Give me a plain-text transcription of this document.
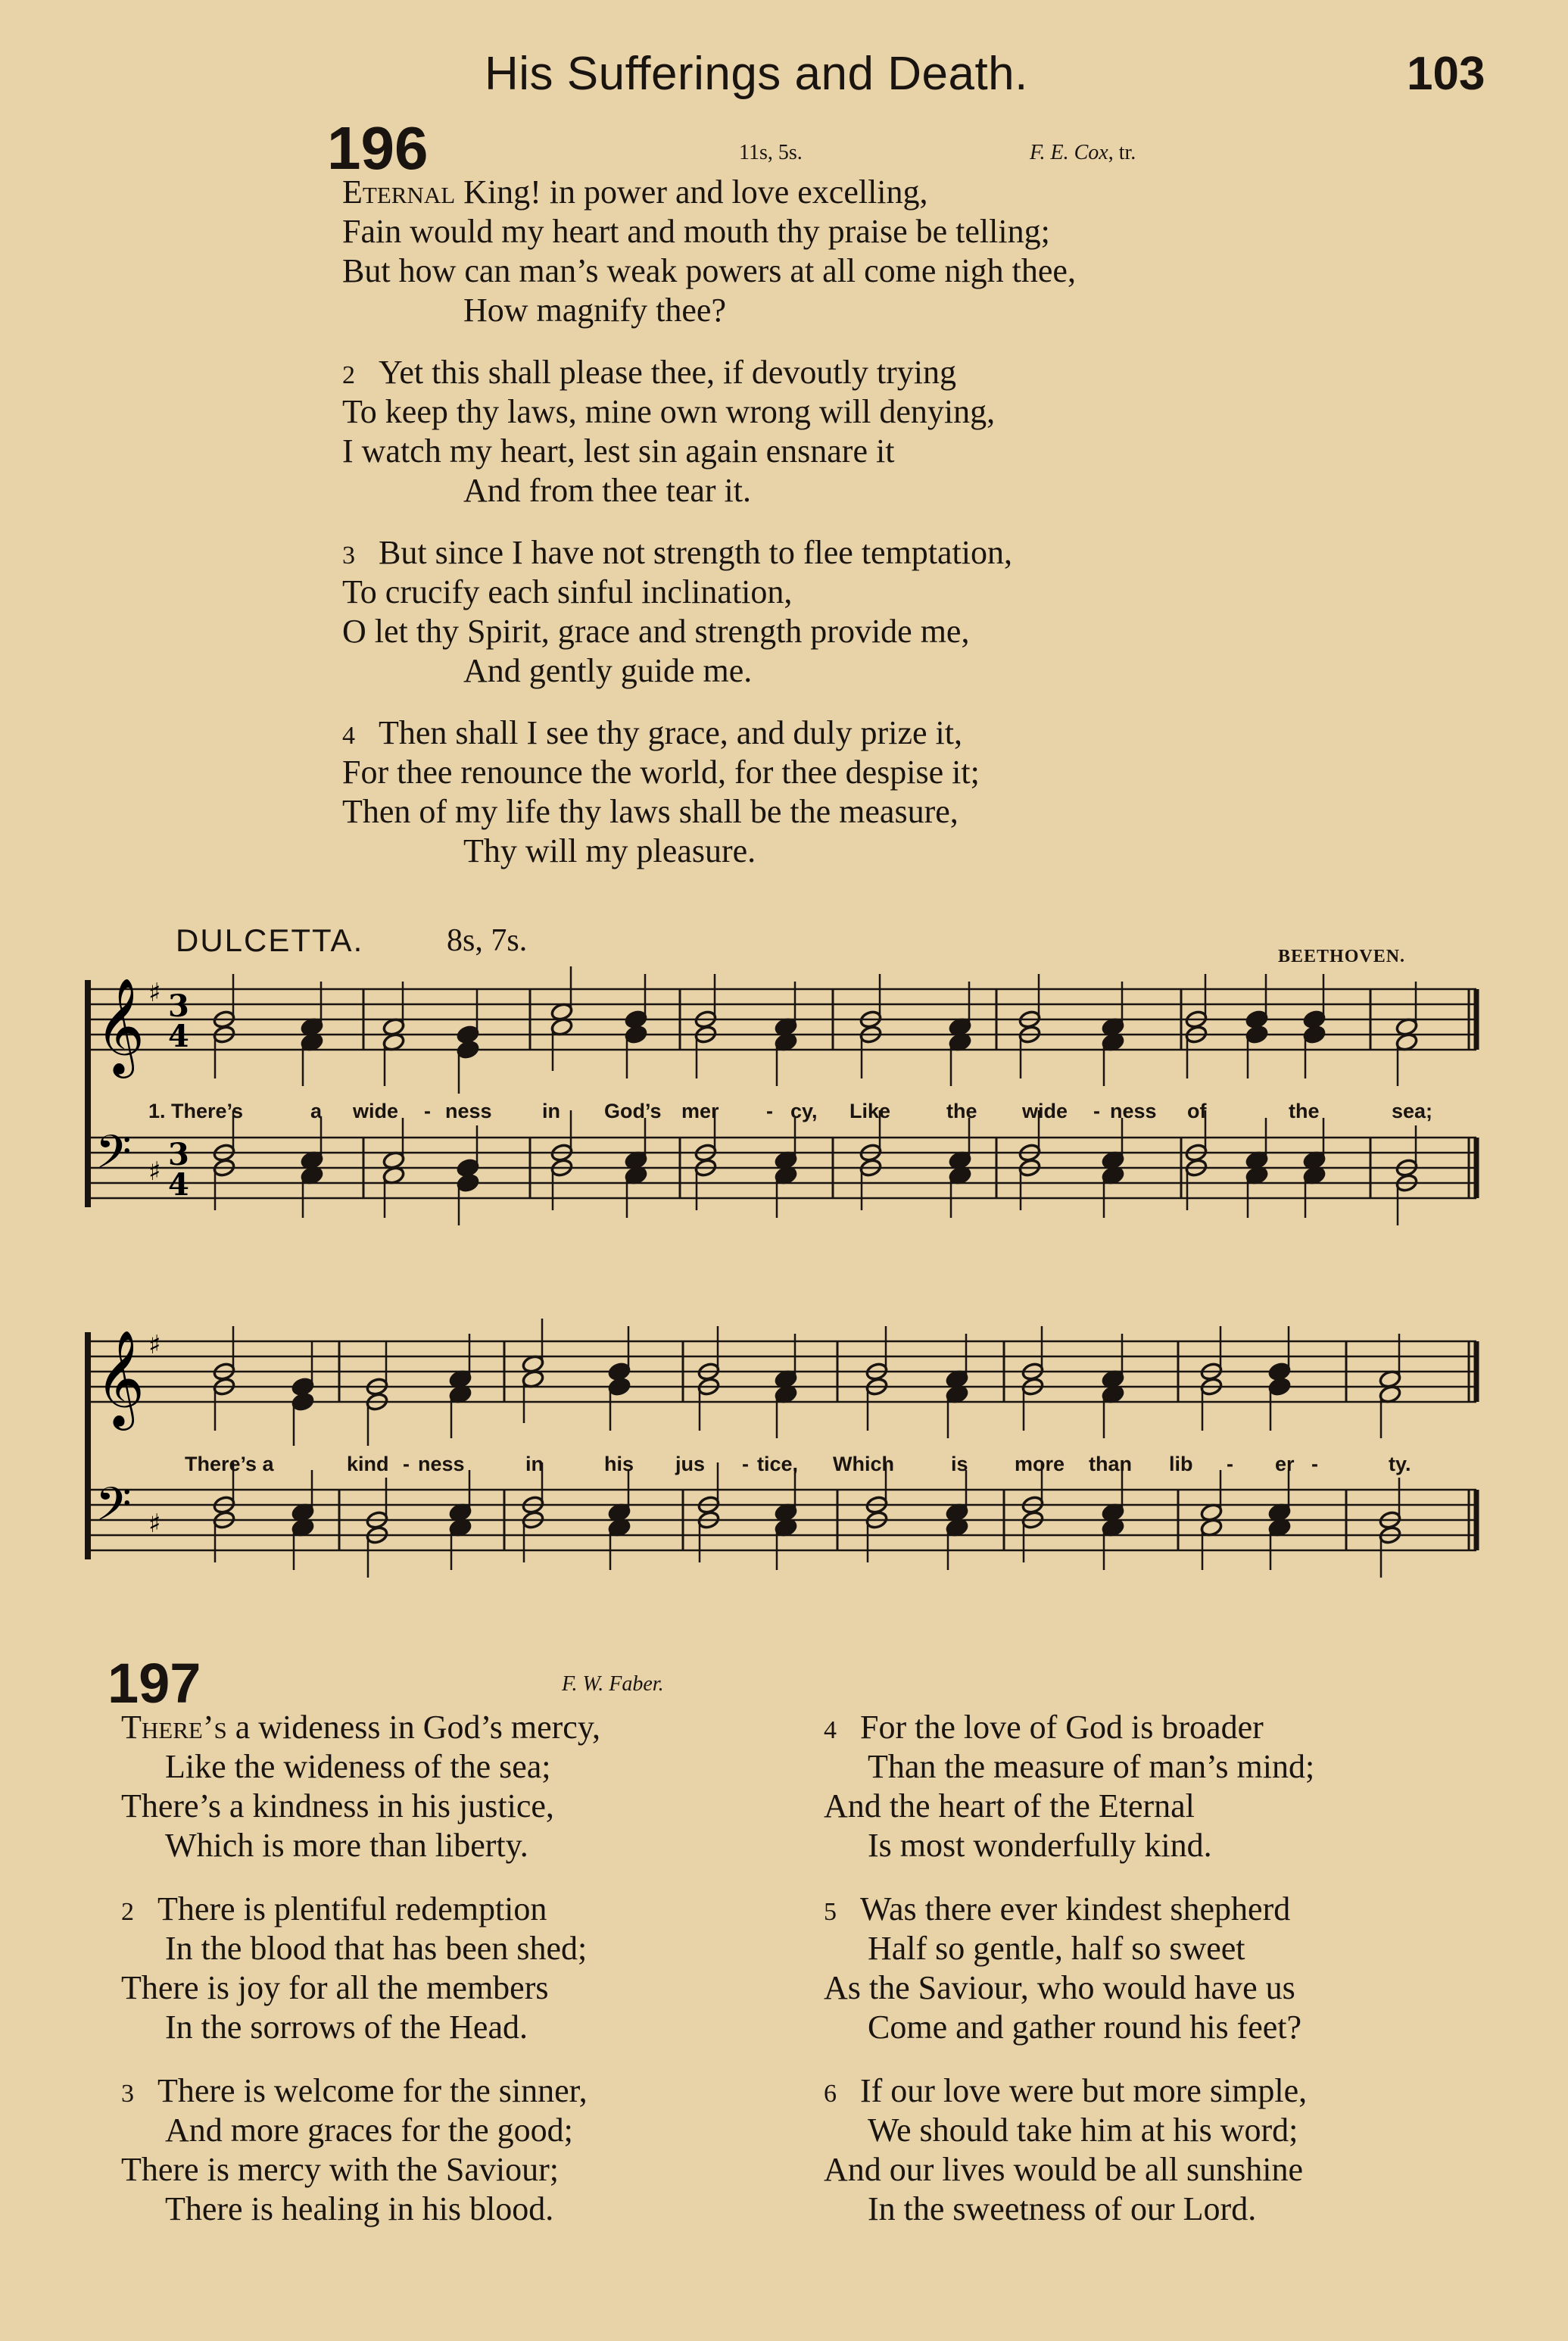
His Sufferings and Death.	103
196	11s, 5s.	F. E. Cox, tr.
Eternal King! in power and love excelling,
Fain would my heart and mouth thy praise be telling;
But how can man’s weak powers at all come nigh thee,
How magnify thee?
2 Yet this shall please thee, if devoutly trying
To keep thy laws, mine own wrong will denying,
I watch my heart, lest sin again ensnare it
And from thee tear it.
3 But since I have not strength to flee temptation,
To crucify each sinful inclination,
O let thy Spirit, grace and strength provide me,
And gently guide me.
4 Then shall I see thy grace, and duly prize it,
For thee renounce the world, for thee despise it;
Then of my life thy laws shall be the measure,
Thy will my pleasure.
DULCETTA.	8s, 7s.	BEETHOVEN.
𝄞 ♯ 3
4
𝄢 ♯ 3
4
1. There’s	a wide - ness in God’s mer - cy, Like	the wide - ness of	the	sea;
𝄞 ♯
𝄢 ♯
There’s a	kind - ness	in	his jus - tice, Which	is more than lib - er -	ty.
197	F. W. Faber.
There’s a wideness in God’s mercy,
Like the wideness of the sea;
There’s a kindness in his justice,
Which is more than liberty.
2 There is plentiful redemption
In the blood that has been shed;
There is joy for all the members
In the sorrows of the Head.
3 There is welcome for the sinner,
And more graces for the good;
There is mercy with the Saviour;
There is healing in his blood.
4 For the love of God is broader
Than the measure of man’s mind;
And the heart of the Eternal
Is most wonderfully kind.
5 Was there ever kindest shepherd
Half so gentle, half so sweet
As the Saviour, who would have us
Come and gather round his feet?
6 If our love were but more simple,
We should take him at his word;
And our lives would be all sunshine
In the sweetness of our Lord.
